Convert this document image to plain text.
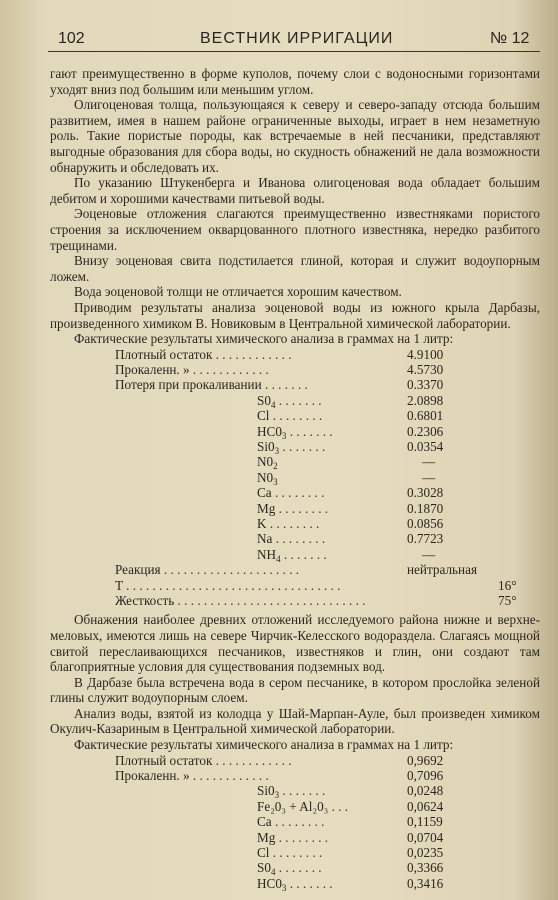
102	ВЕСТНИК ИРРИГАЦИИ	№ 12

гают преимущественно в форме куполов, почему слои с водоносными горизонтами уходят вниз под большим или меньшим углом.

Олигоценовая толща, пользующаяся к северу и северо-западу отсюда большим развитием, имея в нашем районе ограниченные выходы, играет в нем незаметную роль. Такие пористые породы, как встречаемые в ней песчаники, представляют выгодные образования для сбора воды, но скудность обнажений не дала возможности обнаружить и обследовать их.

По указанию Штукенберга и Иванова олигоценовая вода обладает большим дебитом и хорошими качествами питьевой воды.

Эоценовые отложения слагаются преимущественно известняками пористого строения за исключением окварцованного плотного известняка, нередко разбитого трещинами.

Внизу эоценовая свита подстилается глиной, которая и служит водоупорным ложем.

Вода эоценовой толщи не отличается хорошим качеством.

Приводим результаты анализа эоценовой воды из южного крыла Дарбазы, произведенного химиком В. Новиковым в Центральной химической лаборатории.

Фактические результаты химического анализа в граммах на 1 литр:

Плотный остаток . . . . . . . . . . . .	4.9100
Прокаленн. » . . . . . . . . . . . .	4.5730
Потеря при прокаливании . . . . . . .	0.3370
$S0_4$ . . . . . . .	2.0898
Cl . . . . . . . .	0.6801
$HC0_3$ . . . . . . .	0.2306
$Si0_3$ . . . . . . .	0.0354
$N0_2$	—
$N0_3$	—
Ca . . . . . . . .	0.3028
Mg . . . . . . . .	0.1870
K . . . . . . . .	0.0856
Na . . . . . . . .	0.7723
$NH_4$ . . . . . . .	—
Реакция . . . . . . . . . . . . . . . . . . . . .	нейтральная
T . . . . . . . . . . . . . . . . . . . . . . . . . . . . . . . . .	16°
Жесткость . . . . . . . . . . . . . . . . . . . . . . . . . . . . .	75°

Обнажения наиболее древних отложений исследуемого района нижне и верхне-меловых, имеются лишь на севере Чирчик-Келесского водораздела. Слагаясь мощной свитой переслаивающихся песчаников, известняков и глин, они создают там благоприятные условия для существования подземных вод.

В Дарбазе была встречена вода в сером песчанике, в котором прослойка зеленой глины служит водоупорным слоем.

Анализ воды, взятой из колодца у Шай-Марпан-Ауле, был произведен химиком Окулич-Казариным в Центральной химической лаборатории.

Фактические результаты химического анализа в граммах на 1 литр:

Плотный остаток . . . . . . . . . . . .	0,9692
Прокаленн. » . . . . . . . . . . . .	0,7096
$Si0_3$ . . . . . . .	0,0248
Fe₂0₃ + Al₂0₃ . . .	0,0624
Ca . . . . . . . .	0,1159
Mg . . . . . . . .	0,0704
Cl . . . . . . . .	0,0235
$S0_4$ . . . . . . .	0,3366
$HC0_3$ . . . . . . .	0,3416
